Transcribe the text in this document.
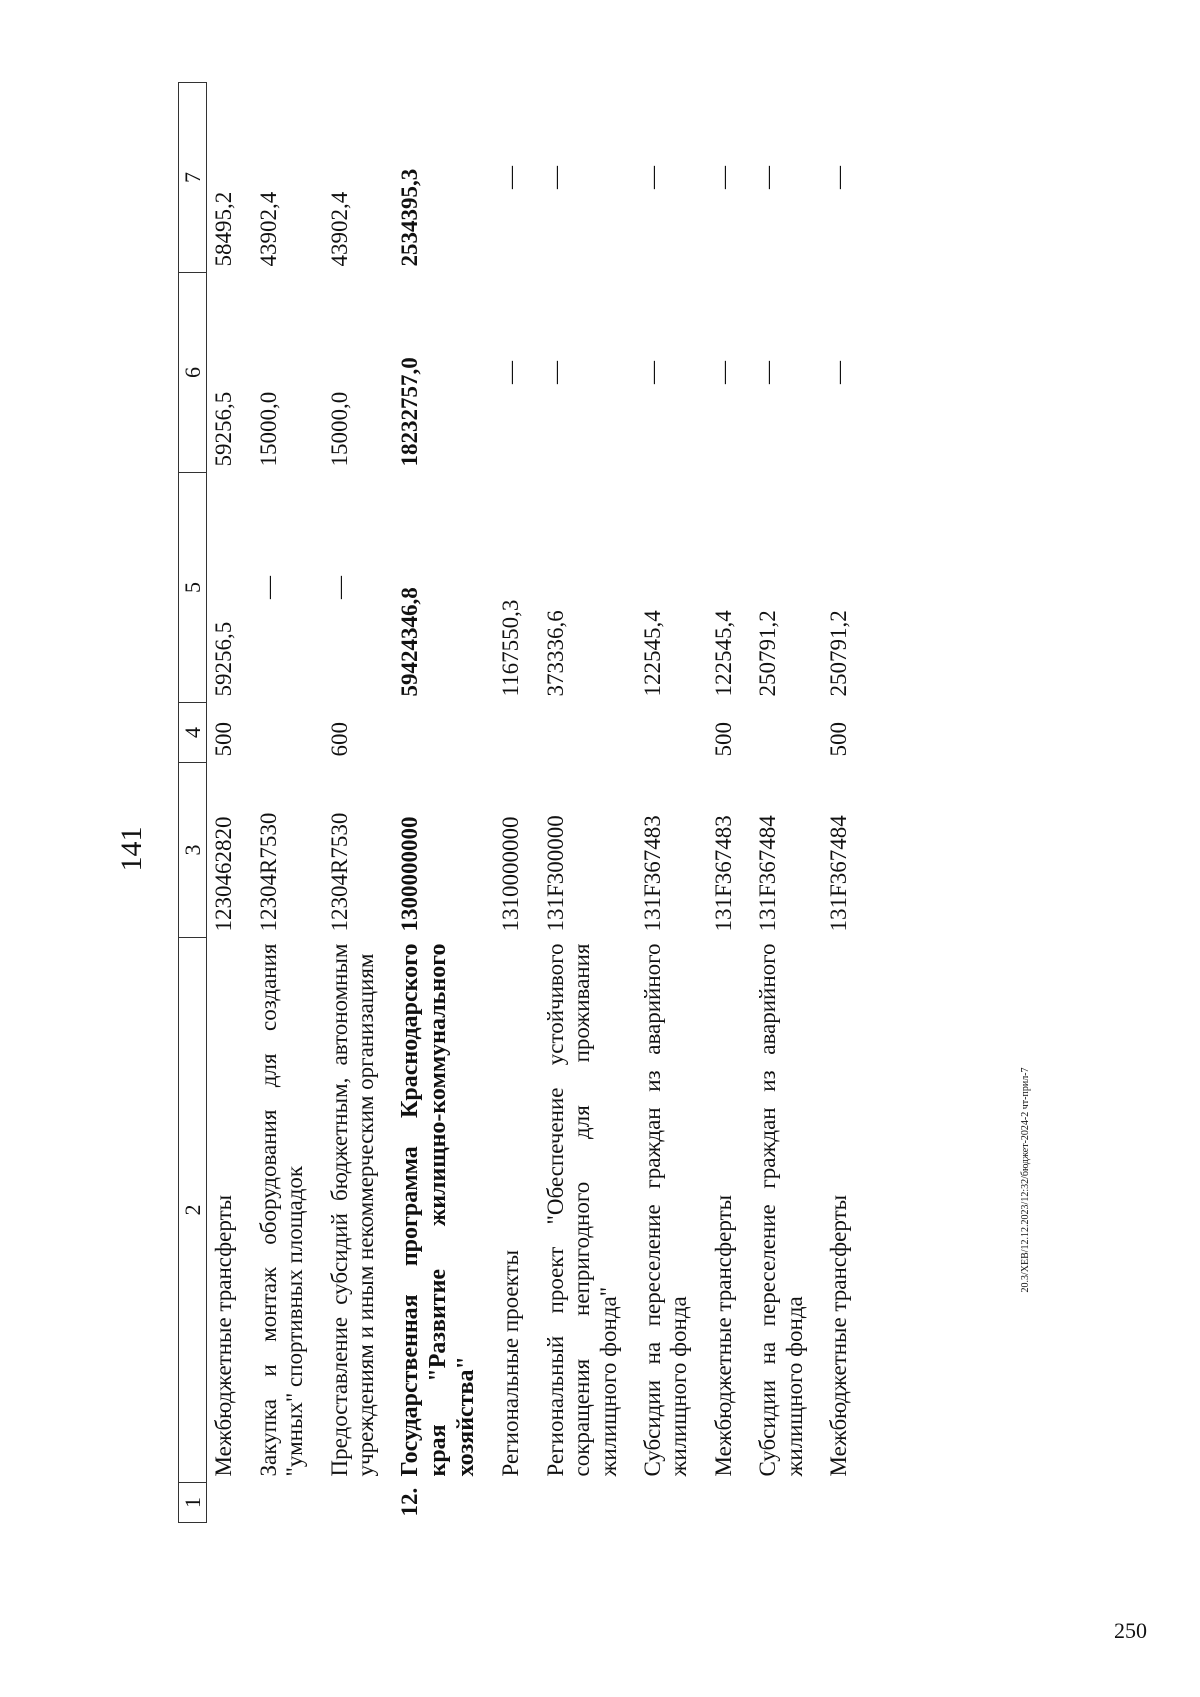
141
1	2	3	4	5	6	7
	Межбюджетные трансферты	1230462820	500	59256,5	59256,5	58495,2
	Закупка и монтаж оборудования для создания "умных" спортивных площадок	12304R7530		—	15000,0	43902,4
	Предоставление субсидий бюджетным, автономным учреждениям и иным некоммерческим организациям	12304R7530	600	—	15000,0	43902,4
12.	Государственная программа Краснодарского края "Развитие жилищно-коммунального хозяйства"	1300000000		59424346,8	18232757,0	2534395,3
	Региональные проекты	1310000000		1167550,3	—	—
	Региональный проект "Обеспечение устойчивого сокращения непригодного для проживания жилищного фонда"	131F300000		373336,6	—	—
	Субсидии на переселение граждан из аварийного жилищного фонда	131F367483		122545,4	—	—
	Межбюджетные трансферты	131F367483	500	122545,4	—	—
	Субсидии на переселение граждан из аварийного жилищного фонда	131F367484		250791,2	—	—
	Межбюджетные трансферты	131F367484	500	250791,2	—	—
20.3/ХЕВ/12.12.2023/12:32/бюджет-2024-2 чт-прил-7
250
